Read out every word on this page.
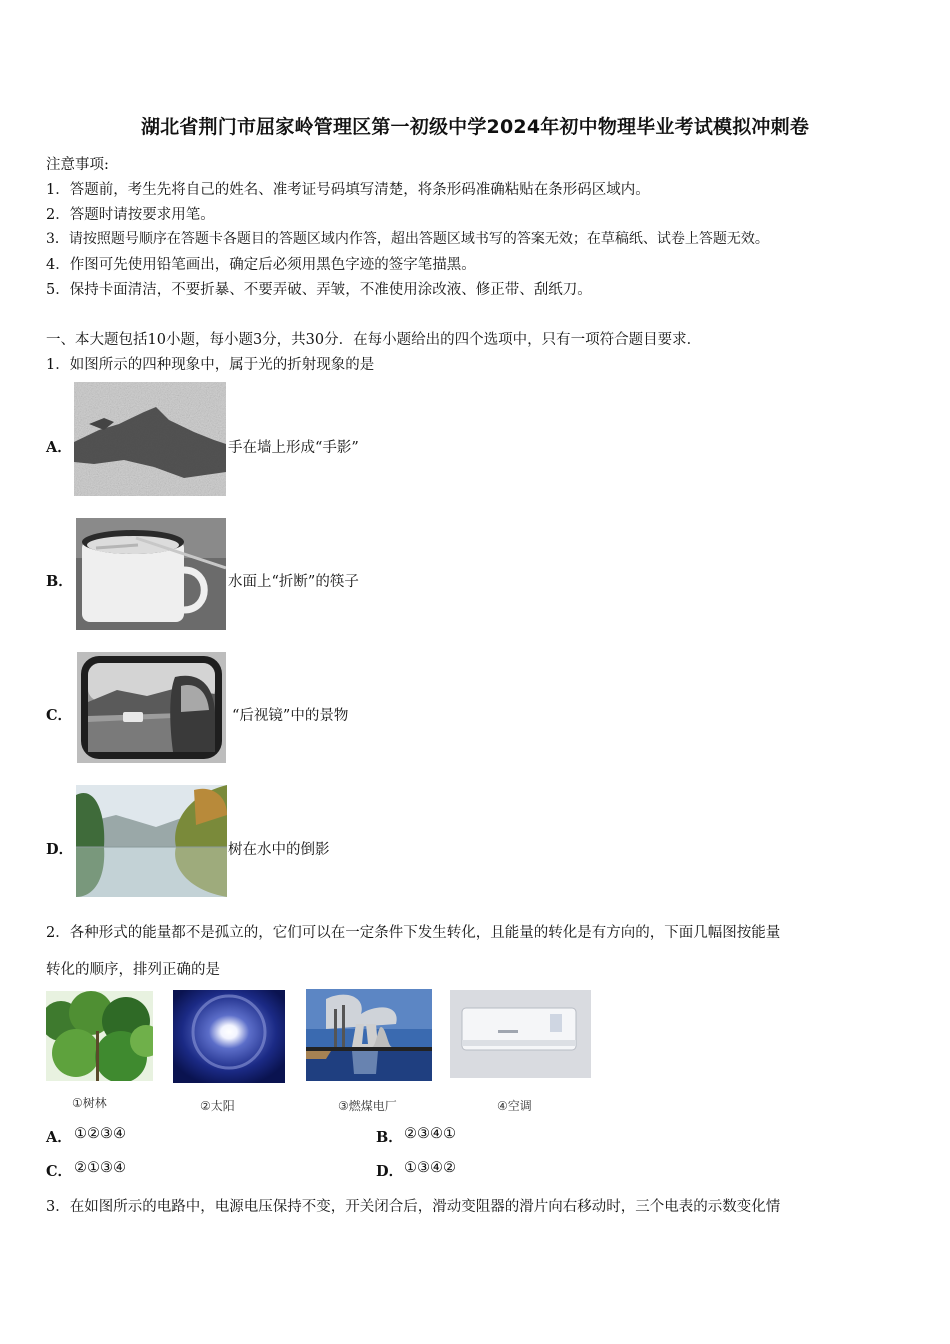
湖北省荆门市屈家岭管理区第一初级中学2024年初中物理毕业考试模拟冲刺卷
注意事项:
1．答题前，考生先将自己的姓名、准考证号码填写清楚，将条形码准确粘贴在条形码区域内。
2．答题时请按要求用笔。
3．请按照题号顺序在答题卡各题目的答题区域内作答，超出答题区域书写的答案无效；在草稿纸、试卷上答题无效。
4．作图可先使用铅笔画出，确定后必须用黑色字迹的签字笔描黑。
5．保持卡面清洁，不要折暴、不要弄破、弄皱，不准使用涂改液、修正带、刮纸刀。
一、本大题包括10小题，每小题3分，共30分．在每小题给出的四个选项中，只有一项符合题目要求．
1．如图所示的四种现象中，属于光的折射现象的是
A．	手在墙上形成“手影”
B．	水面上“折断”的筷子
C．	“后视镜”中的景物
D．	树在水中的倒影
2．各种形式的能量都不是孤立的，它们可以在一定条件下发生转化，且能量的转化是有方向的，下面几幅图按能量
转化的顺序，排列正确的是
①树林	②太阳	③燃煤电厂	④空调
A． ①②③④	B． ②③④①
C． ②①③④	D． ①③④②
3．在如图所示的电路中，电源电压保持不变，开关闭合后，滑动变阻器的滑片向右移动时，三个电表的示数变化情
